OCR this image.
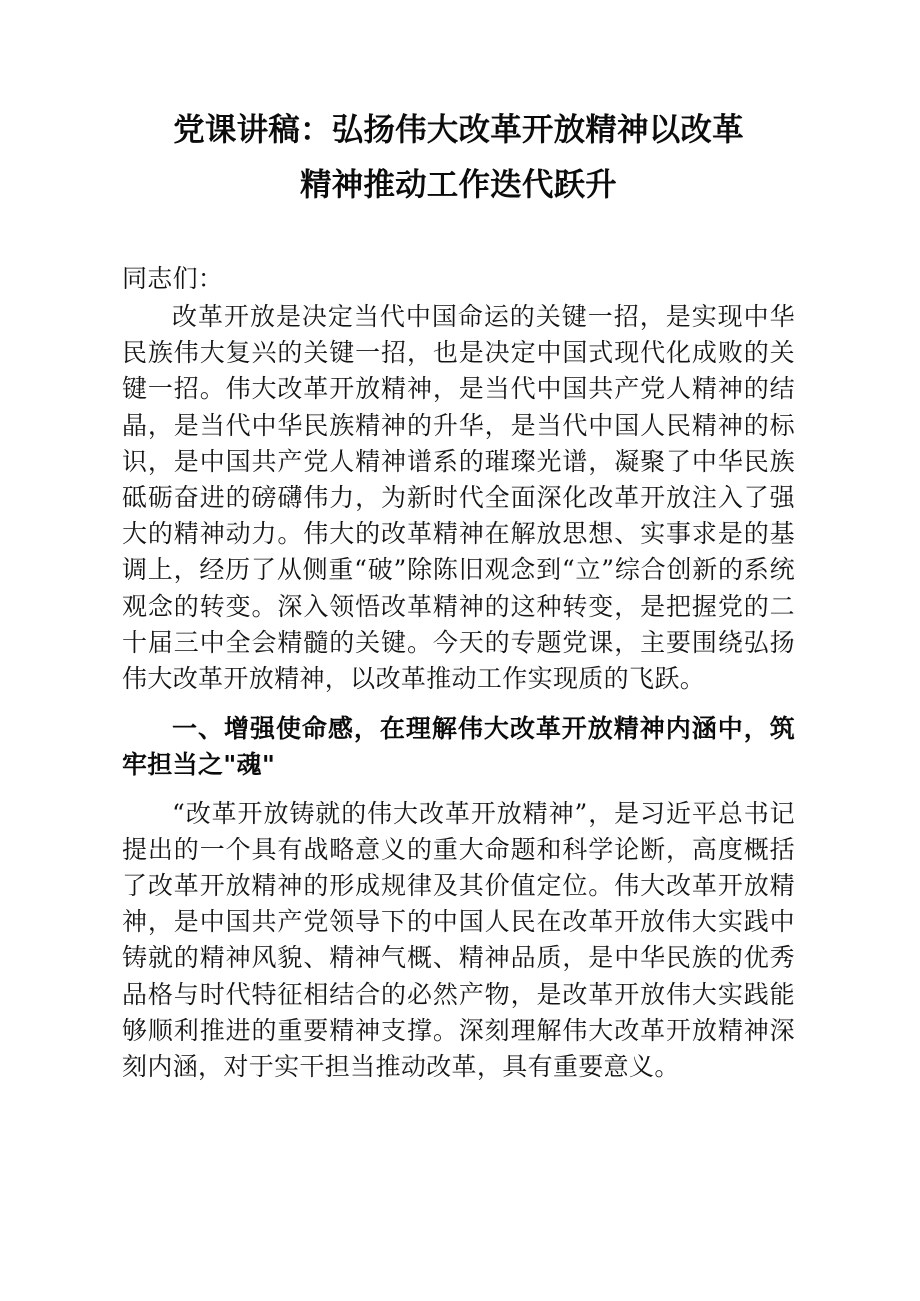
党课讲稿：弘扬伟大改革开放精神以改革
精神推动工作迭代跃升

同志们：

改革开放是决定当代中国命运的关键一招，是实现中华民族伟大复兴的关键一招，也是决定中国式现代化成败的关键一招。伟大改革开放精神，是当代中国共产党人精神的结晶，是当代中华民族精神的升华，是当代中国人民精神的标识，是中国共产党人精神谱系的璀璨光谱，凝聚了中华民族砥砺奋进的磅礴伟力，为新时代全面深化改革开放注入了强大的精神动力。伟大的改革精神在解放思想、实事求是的基调上，经历了从侧重“破”除陈旧观念到“立”综合创新的系统观念的转变。深入领悟改革精神的这种转变，是把握党的二十届三中全会精髓的关键。今天的专题党课，主要围绕弘扬伟大改革开放精神，以改革推动工作实现质的飞跃。

一、增强使命感，在理解伟大改革开放精神内涵中，筑牢担当之"魂"

“改革开放铸就的伟大改革开放精神”，是习近平总书记提出的一个具有战略意义的重大命题和科学论断，高度概括了改革开放精神的形成规律及其价值定位。伟大改革开放精神，是中国共产党领导下的中国人民在改革开放伟大实践中铸就的精神风貌、精神气概、精神品质，是中华民族的优秀品格与时代特征相结合的必然产物，是改革开放伟大实践能够顺利推进的重要精神支撑。深刻理解伟大改革开放精神深刻内涵，对于实干担当推动改革，具有重要意义。
